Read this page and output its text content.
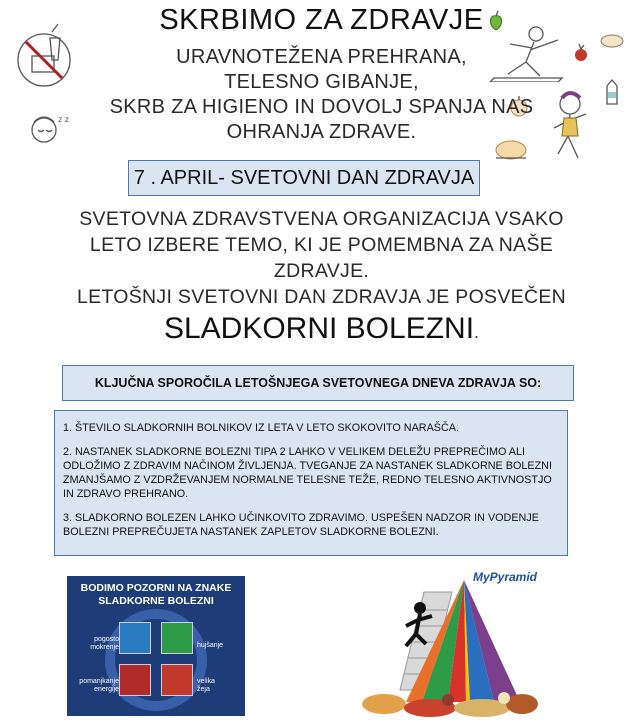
z z
SKRBIMO ZA ZDRAVJE
URAVNOTEŽENA PREHRANA,
TELESNO GIBANJE,
SKRB ZA HIGIENO IN DOVOLJ SPANJA NAS
OHRANJA ZDRAVE.
7 . APRIL- SVETOVNI DAN ZDRAVJA
SVETOVNA ZDRAVSTVENA ORGANIZACIJA VSAKO
LETO IZBERE TEMO, KI JE POMEMBNA ZA NAŠE
ZDRAVJE.
LETOŠNJI SVETOVNI DAN ZDRAVJA JE POSVEČEN
SLADKORNI BOLEZNI.
KLJUČNA SPOROČILA LETOŠNJEGA SVETOVNEGA DNEVA ZDRAVJA SO:

1. ŠTEVILO SLADKORNIH BOLNIKOV IZ LETA V LETO SKOKOVITO NARAŠČA.

2. NASTANEK SLADKORNE BOLEZNI TIPA 2 LAHKO V VELIKEM DELEŽU PREPREČIMO ALI ODLOŽIMO Z ZDRAVIM NAČINOM ŽIVLJENJA. TVEGANJE ZA NASTANEK SLADKORNE BOLEZNI ZMANJŠAMO Z VZDRŽEVANJEM NORMALNE TELESNE TEŽE, REDNO TELESNO AKTIVNOSTJO IN ZDRAVO PREHRANO.

3. SLADKORNO BOLEZEN LAHKO UČINKOVITO ZDRAVIMO. USPEŠEN NADZOR IN VODENJE BOLEZNI PREPREČUJETA NASTANEK ZAPLETOV SLADKORNE BOLEZNI.

BODIMO POZORNI NA ZNAKE
SLADKORNE BOLEZNI
pogosto mokrenje	hujšanje
pomanjkanje energije
velika žeja
MyPyramid
